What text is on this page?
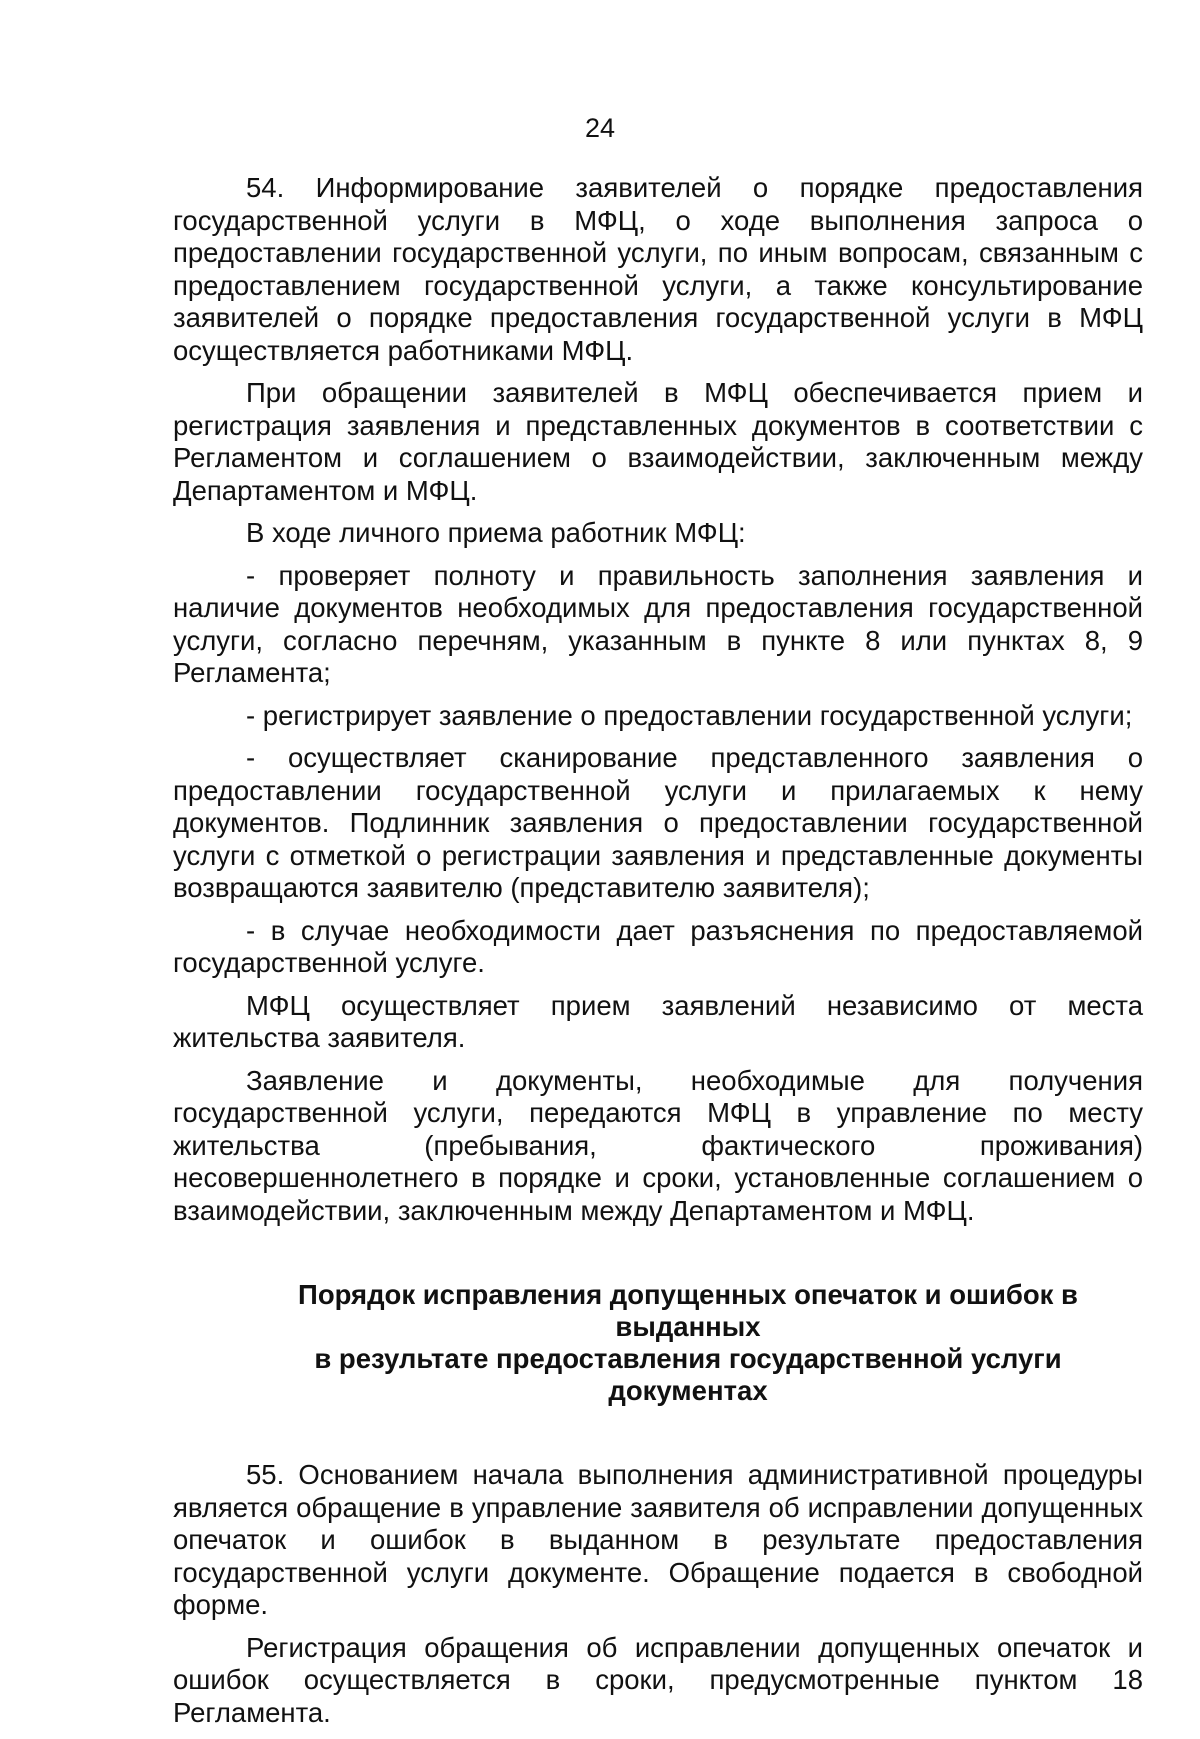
24

54. Информирование заявителей о порядке предоставления государственной услуги в МФЦ, о ходе выполнения запроса о предоставлении государственной услуги, по иным вопросам, связанным с предоставлением государственной услуги, а также консультирование заявителей о порядке предоставления государственной услуги в МФЦ осуществляется работниками МФЦ.

При обращении заявителей в МФЦ обеспечивается прием и регистрация заявления и представленных документов в соответствии с Регламентом и соглашением о взаимодействии, заключенным между Департаментом и МФЦ.

В ходе личного приема работник МФЦ:

- проверяет полноту и правильность заполнения заявления и наличие документов необходимых для предоставления государственной услуги, согласно перечням, указанным в пункте 8 или пунктах 8, 9 Регламента;

- регистрирует заявление о предоставлении государственной услуги;

- осуществляет сканирование представленного заявления о предоставлении государственной услуги и прилагаемых к нему документов. Подлинник заявления о предоставлении государственной услуги с отметкой о регистрации заявления и представленные документы возвращаются заявителю (представителю заявителя);

- в случае необходимости дает разъяснения по предоставляемой государственной услуге.

МФЦ осуществляет прием заявлений независимо от места жительства заявителя.

Заявление и документы, необходимые для получения государственной услуги, передаются МФЦ в управление по месту жительства (пребывания, фактического проживания) несовершеннолетнего в порядке и сроки, установленные соглашением о взаимодействии, заключенным между Департаментом и МФЦ.

Порядок исправления допущенных опечаток и ошибок в выданных
в результате предоставления государственной услуги
документах

55. Основанием начала выполнения административной процедуры является обращение в управление заявителя об исправлении допущенных опечаток и ошибок в выданном в результате предоставления государственной услуги документе. Обращение подается в свободной форме.

Регистрация обращения об исправлении допущенных опечаток и ошибок осуществляется в сроки, предусмотренные пунктом 18 Регламента.
